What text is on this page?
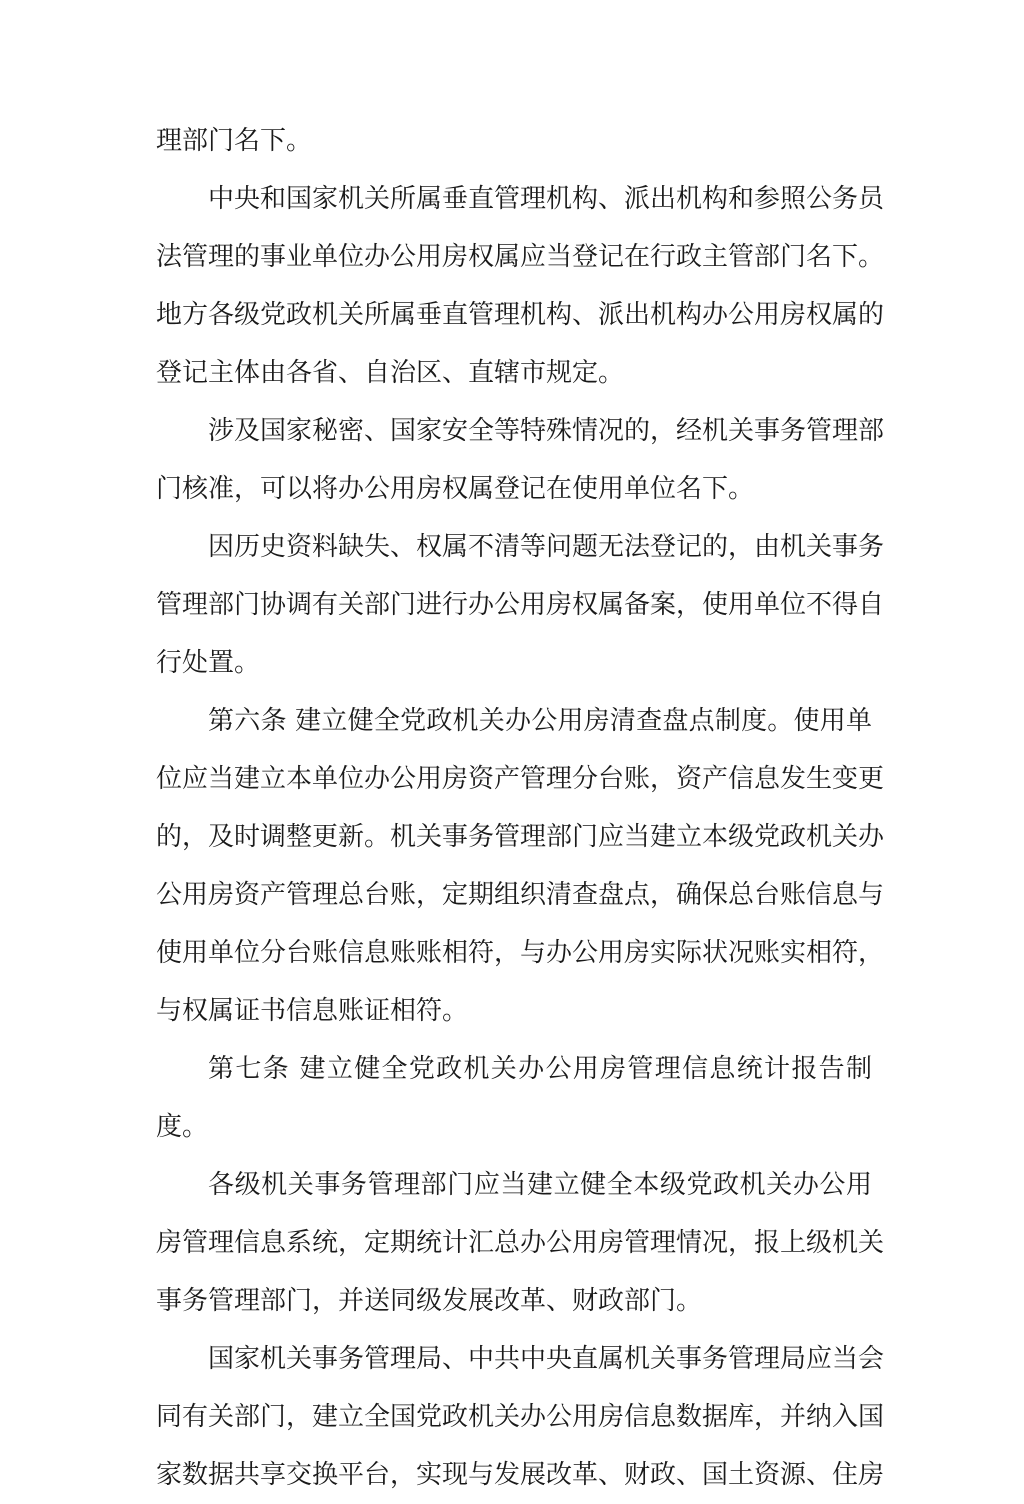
理部门名下。
中央和国家机关所属垂直管理机构、派出机构和参照公务员
法管理的事业单位办公用房权属应当登记在行政主管部门名下。
地方各级党政机关所属垂直管理机构、派出机构办公用房权属的
登记主体由各省、自治区、直辖市规定。
涉及国家秘密、国家安全等特殊情况的，经机关事务管理部
门核准，可以将办公用房权属登记在使用单位名下。
因历史资料缺失、权属不清等问题无法登记的，由机关事务
管理部门协调有关部门进行办公用房权属备案，使用单位不得自
行处置。
第六条 建立健全党政机关办公用房清查盘点制度。使用单
位应当建立本单位办公用房资产管理分台账，资产信息发生变更
的，及时调整更新。机关事务管理部门应当建立本级党政机关办
公用房资产管理总台账，定期组织清查盘点，确保总台账信息与
使用单位分台账信息账账相符，与办公用房实际状况账实相符，
与权属证书信息账证相符。
第七条 建立健全党政机关办公用房管理信息统计报告制
度。
各级机关事务管理部门应当建立健全本级党政机关办公用
房管理信息系统，定期统计汇总办公用房管理情况，报上级机关
事务管理部门，并送同级发展改革、财政部门。
国家机关事务管理局、中共中央直属机关事务管理局应当会
同有关部门，建立全国党政机关办公用房信息数据库，并纳入国
家数据共享交换平台，实现与发展改革、财政、国土资源、住房
